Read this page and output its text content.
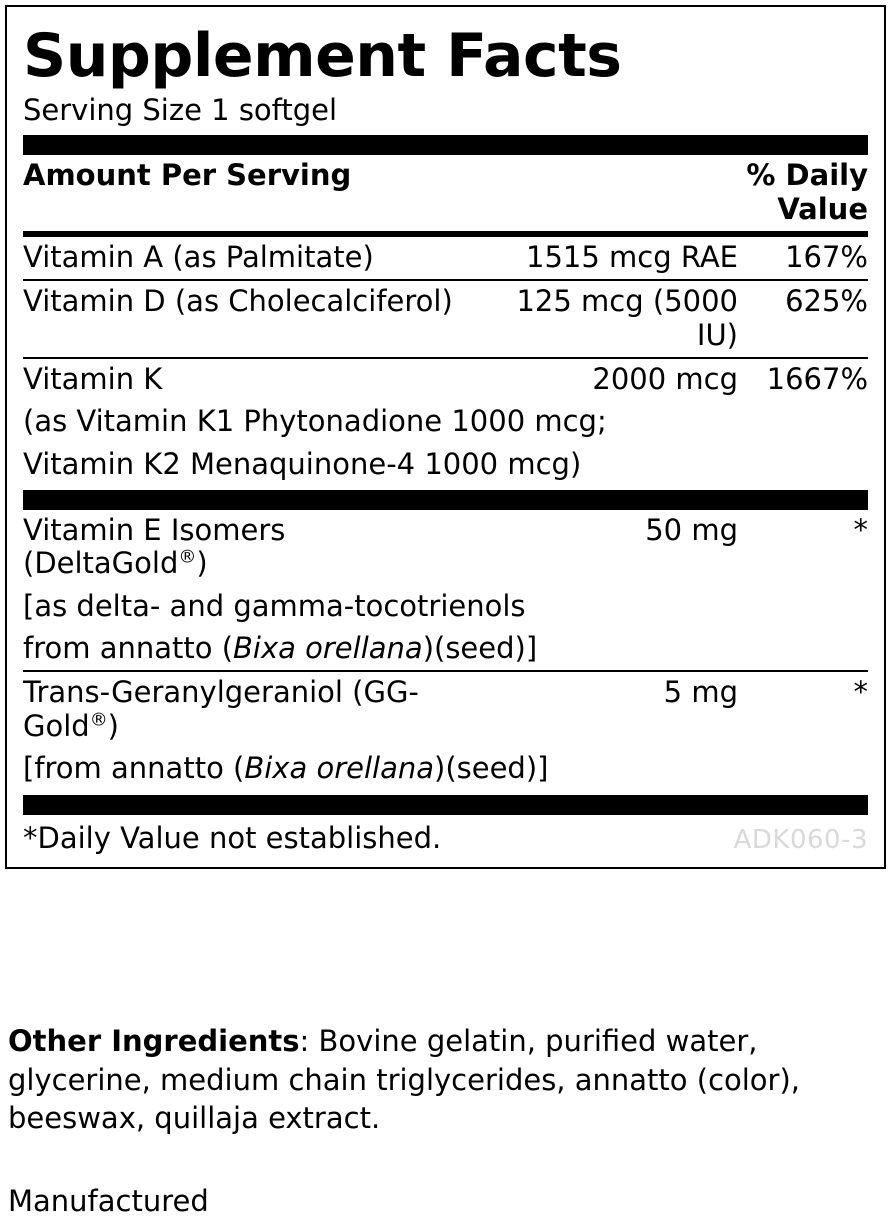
Supplement Facts
Serving Size 1 softgel
Amount Per Serving		% Daily Value
Vitamin A (as Palmitate)	1515 mcg RAE	167%
Vitamin D (as Cholecalciferol)	125 mcg (5000 IU)	625%
Vitamin K	2000 mcg	1667%
(as Vitamin K1 Phytonadione 1000 mcg;
Vitamin K2 Menaquinone-4 1000 mcg)
Vitamin E Isomers (DeltaGold®)	50 mg	*
[as delta- and gamma-tocotrienols
from annatto (Bixa orellana)(seed)]
Trans-Geranylgeraniol (GG-Gold®)	5 mg	*
[from annatto (Bixa orellana)(seed)]
*Daily Value not established.	ADK060-3
Other Ingredients: Bovine gelatin, purified water, glycerine, medium chain triglycerides, annatto (color), beeswax, quillaja extract.
Manufactured
